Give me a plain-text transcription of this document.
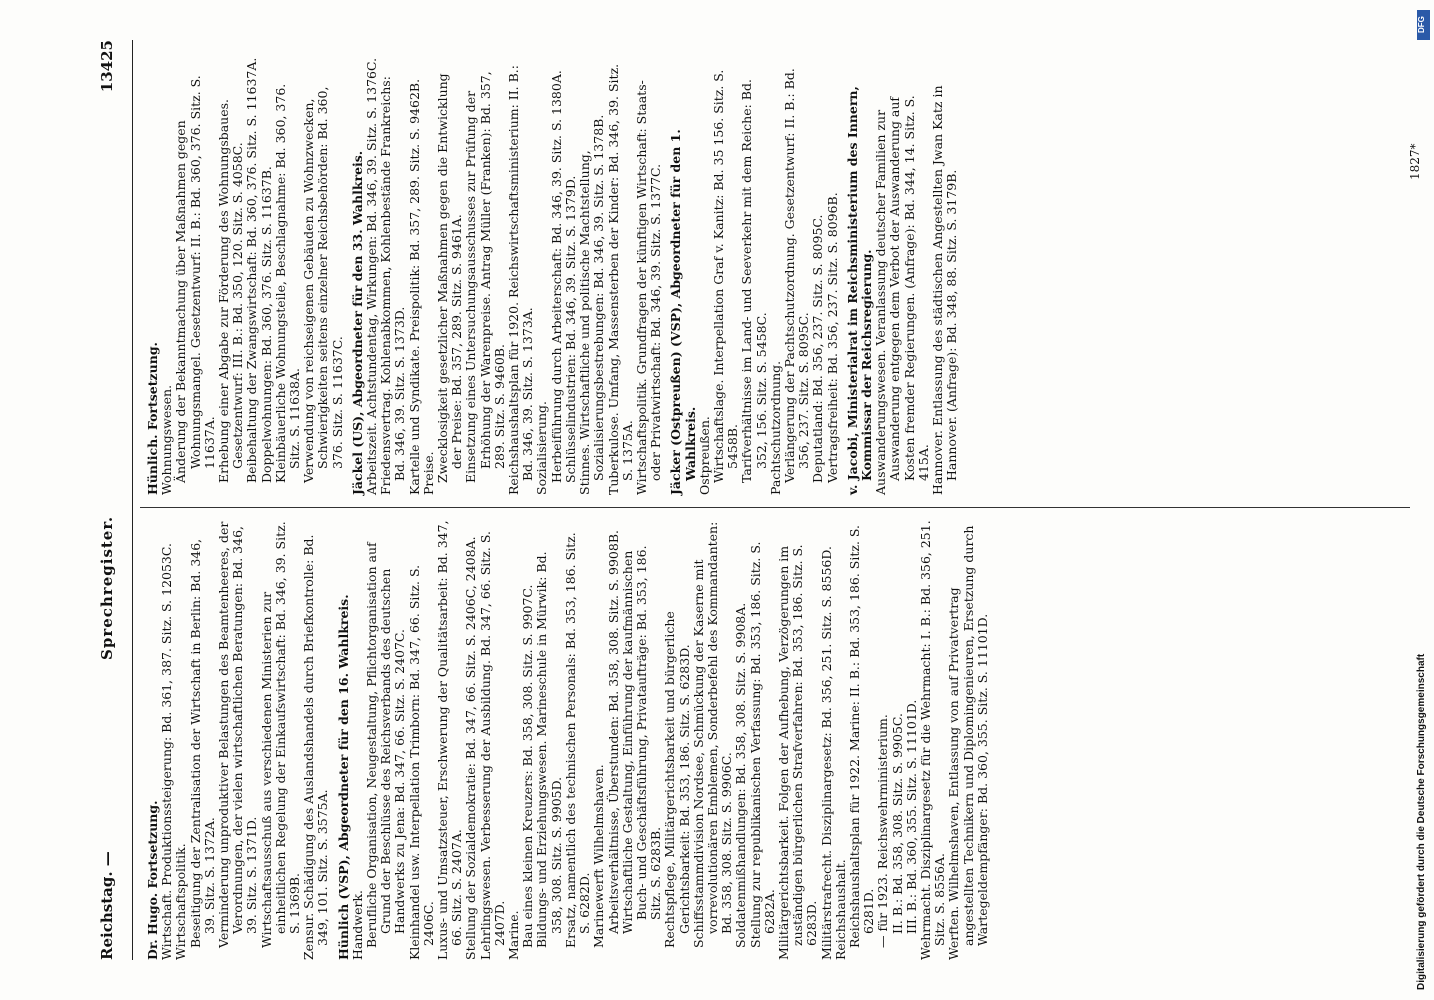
Reichstag. —
Sprechregister.
13425

Dr. Hugo. Fortsetzung. Wirtschaft. Produktionssteigerung: Bd. 361, 387. Sitz. S. 12053C. Wirtschaftspolitik. Beseitigung der Zentralisation der Wirtschaft in Berlin: Bd. 346, 39. Sitz. S. 1372A. Verminderung unproduktiver Belastungen des Beamtenheeres, der Verordnungen, der vielen wirtschaftlichen Beratungen: Bd. 346, 39. Sitz. S. 1371D. Wirtschaftsausschuß aus verschiedenen Ministerien zur einheitlichen Regelung der Einkaufswirtschaft: Bd. 346, 39. Sitz. S. 1369B. Zensur. Schädigung des Auslandshandels durch Briefkontrolle: Bd. 349, 101. Sitz. S. 3575A. Hünlich (VSP), Abgeordneter für den 16. Wahlkreis. Handwerk. Berufliche Organisation, Neugestaltung, Pflichtorganisation auf Grund der Beschlüsse des Reichsverbands des deutschen Handwerks zu Jena: Bd. 347, 66. Sitz. S. 2407C. Kleinhandel usw. Interpellation Trimborn: Bd. 347, 66. Sitz. S. 2406C. Luxus- und Umsatzsteuer, Erschwerung der Qualitätsarbeit: Bd. 347, 66. Sitz. S. 2407A. Stellung der Sozialdemokratie: Bd. 347, 66. Sitz. S. 2406C, 2408A. Lehrlingswesen. Verbesserung der Ausbildung. Bd. 347, 66. Sitz. S. 2407D. Marine. Bau eines kleinen Kreuzers: Bd. 358, 308. Sitz. S. 9907C. Bildungs- und Erziehungswesen. Marineschule in Mürwik: Bd. 358, 308. Sitz. S. 9905D. Ersatz, namentlich des technischen Personals: Bd. 353, 186. Sitz. S. 6282D. Marinewerft Wilhelmshaven. Arbeitsverhältnisse, Überstunden: Bd. 358, 308. Sitz. S. 9908B. Wirtschaftliche Gestaltung, Einführung der kaufmännischen Buch- und Geschäftsführung, Privataufträge: Bd. 353, 186. Sitz. S. 6283B. Rechtspflege, Militärgerichtsbarkeit und bürgerliche Gerichtsbarkeit: Bd. 353, 186. Sitz. S. 6283D. Schiffsstammdivision Nordsee, Schmückung der Kaserne mit vorrevolutionären Emblemen, Sonderbefehl des Kommandanten: Bd. 358, 308. Sitz. S. 9906C. Soldatenmißhandlungen: Bd. 358, 308. Sitz. S. 9908A. Stellung zur republikanischen Verfassung: Bd. 353, 186. Sitz. S. 6282A. Militärgerichtsbarkeit. Folgen der Aufhebung, Verzögerungen im zuständigen bürgerlichen Strafverfahren: Bd. 353, 186. Sitz. S. 6283D. Militärstrafrecht. Disziplinargesetz: Bd. 356, 251. Sitz. S. 8556D. Reichshaushalt. Reichshaushaltsplan für 1922. Marine: II. B.: Bd. 353, 186. Sitz. S. 6281D. — für 1923. Reichswehrministerium. II. B.: Bd. 358, 308. Sitz. S. 9905C. III. B.: Bd. 360, 355. Sitz. S. 11101D. Wehrmacht. Disziplinargesetz für die Wehrmacht: I. B.: Bd. 356, 251. Sitz. S. 8556A. Werften. Wilhelmshaven, Entlassung von auf Privatvertrag angestellten Technikern und Diplomingenieuren, Ersetzung durch Wartegeldempfänger: Bd. 360, 355. Sitz. S. 11101D.

Hünlich. Fortsetzung. Wohnungswesen. Änderung der Bekanntmachung über Maßnahmen gegen Wohnungsmangel. Gesetzentwurf: II. B.: Bd. 360, 376. Sitz. S. 11637A. Erhebung einer Abgabe zur Förderung des Wohnungsbaues. Gesetzentwurf: III. B.: Bd. 350, 120. Sitz. S. 4058C. Beibehaltung der Zwangswirtschaft: Bd. 360, 376. Sitz. S. 11637A. Doppelwohnungen: Bd. 360, 376. Sitz. S. 11637B. Kleinbäuerliche Wohnungsteile, Beschlagnahme: Bd. 360, 376. Sitz. S. 11638A. Verwendung von reichseigenen Gebäuden zu Wohnzwecken, Schwierigkeiten seitens einzelner Reichsbehörden: Bd. 360, 376. Sitz. S. 11637C. Jäckel (US), Abgeordneter für den 33. Wahlkreis. Arbeitszeit. Achtstundentag, Wirkungen: Bd. 346, 39. Sitz. S. 1376C. Friedensvertrag. Kohlenabkommen, Kohlenbestände Frankreichs: Bd. 346, 39. Sitz. S. 1373D. Kartelle und Syndikate. Preispolitik: Bd. 357, 289. Sitz. S. 9462B. Preise. Zwecklosigkeit gesetzlicher Maßnahmen gegen die Entwicklung der Preise: Bd. 357, 289. Sitz. S. 9461A. Einsetzung eines Untersuchungsausschusses zur Prüfung der Erhöhung der Warenpreise. Antrag Müller (Franken): Bd. 357, 289. Sitz. S. 9460B. Reichshaushaltsplan für 1920. Reichswirtschaftsministerium: II. B.: Bd. 346, 39. Sitz. S. 1373A. Sozialisierung. Herbeiführung durch Arbeiterschaft: Bd. 346, 39. Sitz. S. 1380A. Schlüsselindustrien: Bd. 346, 39. Sitz. S. 1379D. Stinnes. Wirtschaftliche und politische Machtstellung, Sozialisierungsbestrebungen: Bd. 346, 39. Sitz. S. 1378B. Tuberkulose. Umfang, Massensterben der Kinder: Bd. 346, 39. Sitz. S. 1375A. Wirtschaftspolitik. Grundfragen der künftigen Wirtschaft: Staats- oder Privatwirtschaft: Bd. 346, 39. Sitz. S. 1377C. Jäcker (Ostpreußen) (VSP), Abgeordneter für den 1. Wahlkreis. Ostpreußen. Wirtschaftslage. Interpellation Graf v. Kanitz: Bd. 35 156. Sitz. S. 5458B. Tarifverhältnisse im Land- und Seeverkehr mit dem Reiche: Bd. 352, 156. Sitz. S. 5458C. Pachtschutzordnung. Verlängerung der Pachtschutzordnung. Gesetzentwurf: II. B.: Bd. 356, 237. Sitz. S. 8095C. Deputatland: Bd. 356, 237. Sitz. S. 8095C. Vertragsfreiheit: Bd. 356, 237. Sitz. S. 8096B. v. Jacobi, Ministerialrat im Reichsministerium des Innern, Kommissar der Reichsregierung. Auswanderungswesen. Veranlassung deutscher Familien zur Auswanderung entgegen dem Verbot der Auswanderung auf Kosten fremder Regierungen. (Anfrage): Bd. 344, 14. Sitz. S. 415A. Hannover. Entlassung des städtischen Angestellten Jwan Katz in Hannover. (Anfrage): Bd. 348, 88. Sitz. S. 3179B.

1827*
DFG
Digitalisierung gefördert durch die Deutsche Forschungsgemeinschaft
